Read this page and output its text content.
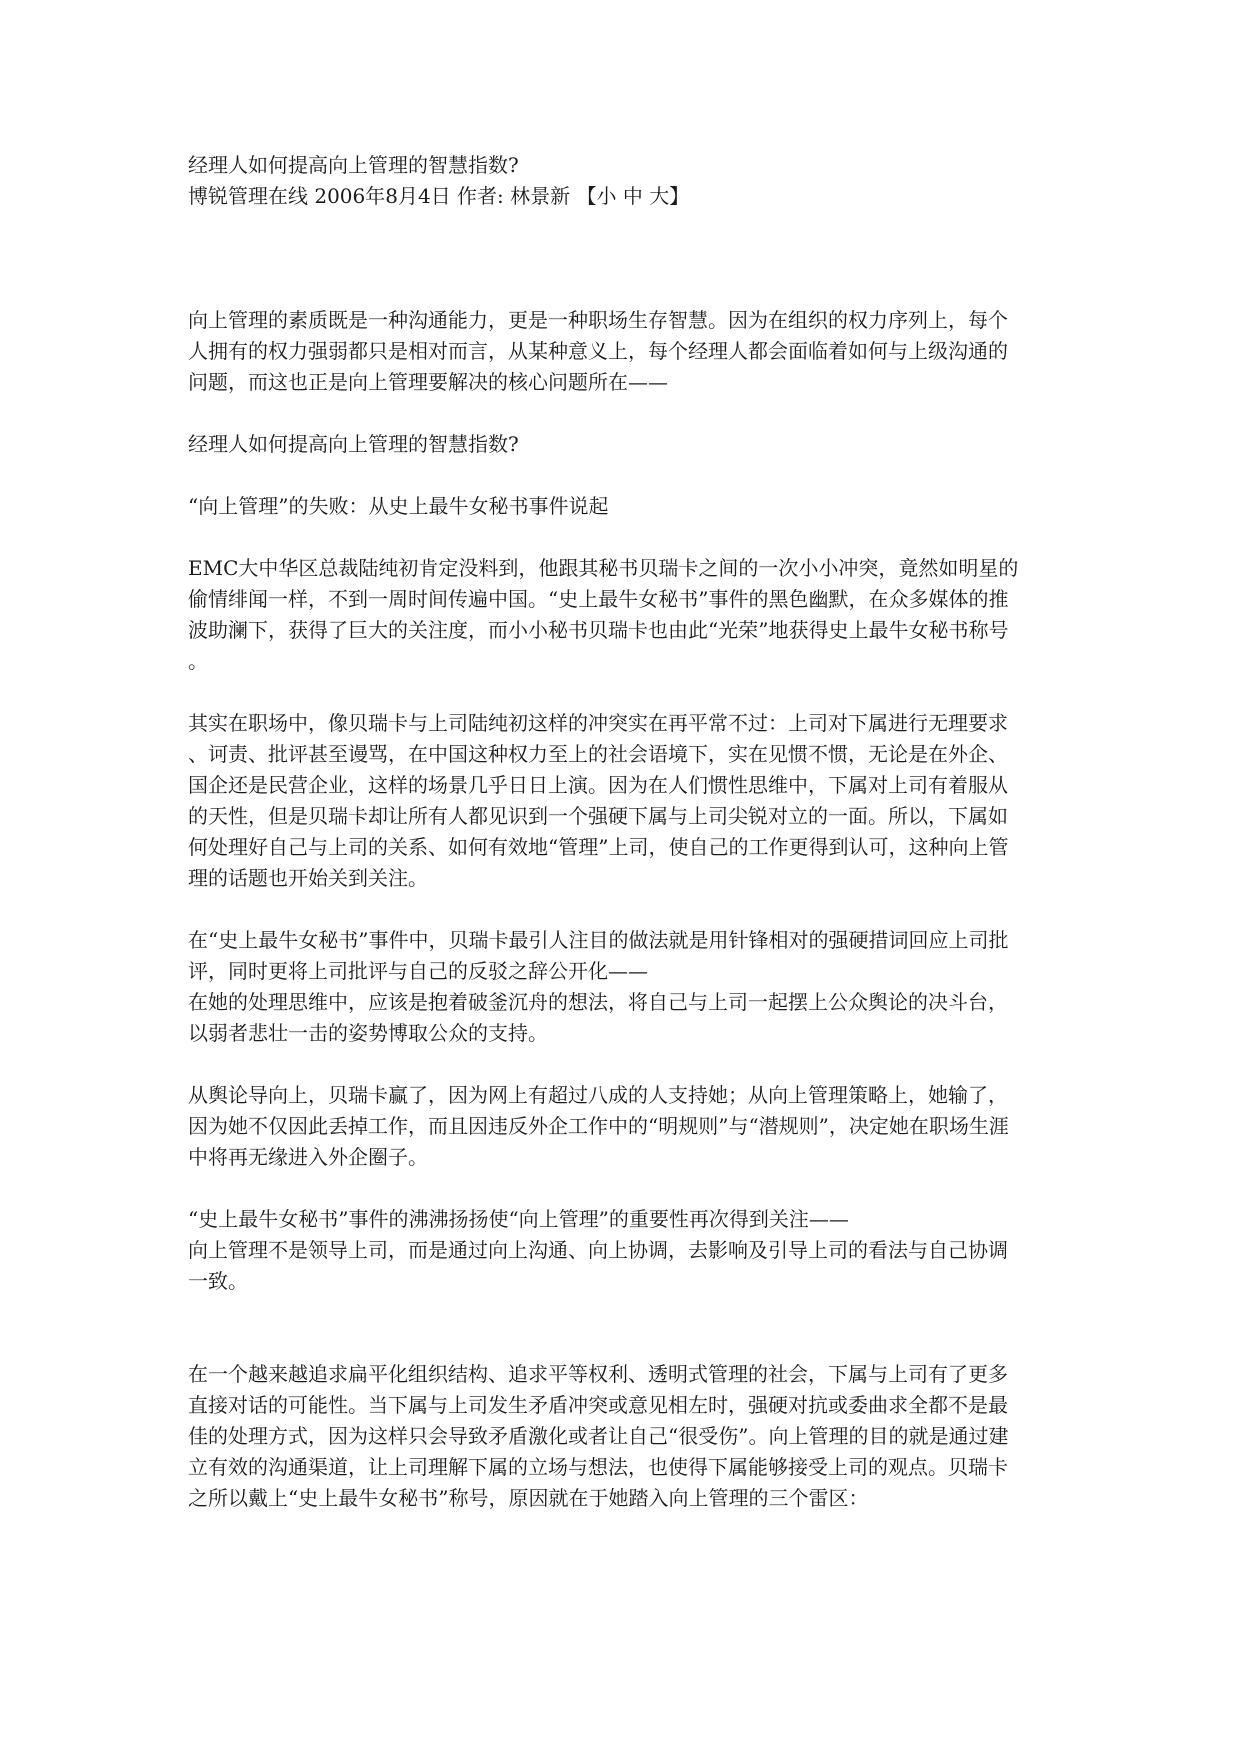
经理人如何提高向上管理的智慧指数?

博锐管理在线 2006年8月4日 作者: 林景新 【小 中 大】

向上管理的素质既是一种沟通能力，更是一种职场生存智慧。因为在组织的权力序列上，每个

人拥有的权力强弱都只是相对而言，从某种意义上，每个经理人都会面临着如何与上级沟通的

问题，而这也正是向上管理要解决的核心问题所在——

经理人如何提高向上管理的智慧指数?

“向上管理”的失败：从史上最牛女秘书事件说起

EMC大中华区总裁陆纯初肯定没料到，他跟其秘书贝瑞卡之间的一次小小冲突，竟然如明星的

偷情绯闻一样，不到一周时间传遍中国。“史上最牛女秘书”事件的黑色幽默，在众多媒体的推

波助澜下，获得了巨大的关注度，而小小秘书贝瑞卡也由此“光荣”地获得史上最牛女秘书称号

。

其实在职场中，像贝瑞卡与上司陆纯初这样的冲突实在再平常不过：上司对下属进行无理要求

、诃责、批评甚至谩骂，在中国这种权力至上的社会语境下，实在见惯不惯，无论是在外企、

国企还是民营企业，这样的场景几乎日日上演。因为在人们惯性思维中，下属对上司有着服从

的天性，但是贝瑞卡却让所有人都见识到一个强硬下属与上司尖锐对立的一面。所以，下属如

何处理好自己与上司的关系、如何有效地“管理”上司，使自己的工作更得到认可，这种向上管

理的话题也开始关到关注。

在“史上最牛女秘书”事件中，贝瑞卡最引人注目的做法就是用针锋相对的强硬措词回应上司批

评，同时更将上司批评与自己的反驳之辞公开化——

在她的处理思维中，应该是抱着破釜沉舟的想法，将自己与上司一起摆上公众舆论的决斗台，

以弱者悲壮一击的姿势博取公众的支持。

从舆论导向上，贝瑞卡赢了，因为网上有超过八成的人支持她；从向上管理策略上，她输了，

因为她不仅因此丢掉工作，而且因违反外企工作中的“明规则”与“潜规则”，决定她在职场生涯

中将再无缘进入外企圈子。

“史上最牛女秘书”事件的沸沸扬扬使“向上管理”的重要性再次得到关注——

向上管理不是领导上司，而是通过向上沟通、向上协调，去影响及引导上司的看法与自己协调

一致。

在一个越来越追求扁平化组织结构、追求平等权利、透明式管理的社会，下属与上司有了更多

直接对话的可能性。当下属与上司发生矛盾冲突或意见相左时，强硬对抗或委曲求全都不是最

佳的处理方式，因为这样只会导致矛盾激化或者让自己“很受伤”。向上管理的目的就是通过建

立有效的沟通渠道，让上司理解下属的立场与想法，也使得下属能够接受上司的观点。贝瑞卡

之所以戴上“史上最牛女秘书”称号，原因就在于她踏入向上管理的三个雷区：
